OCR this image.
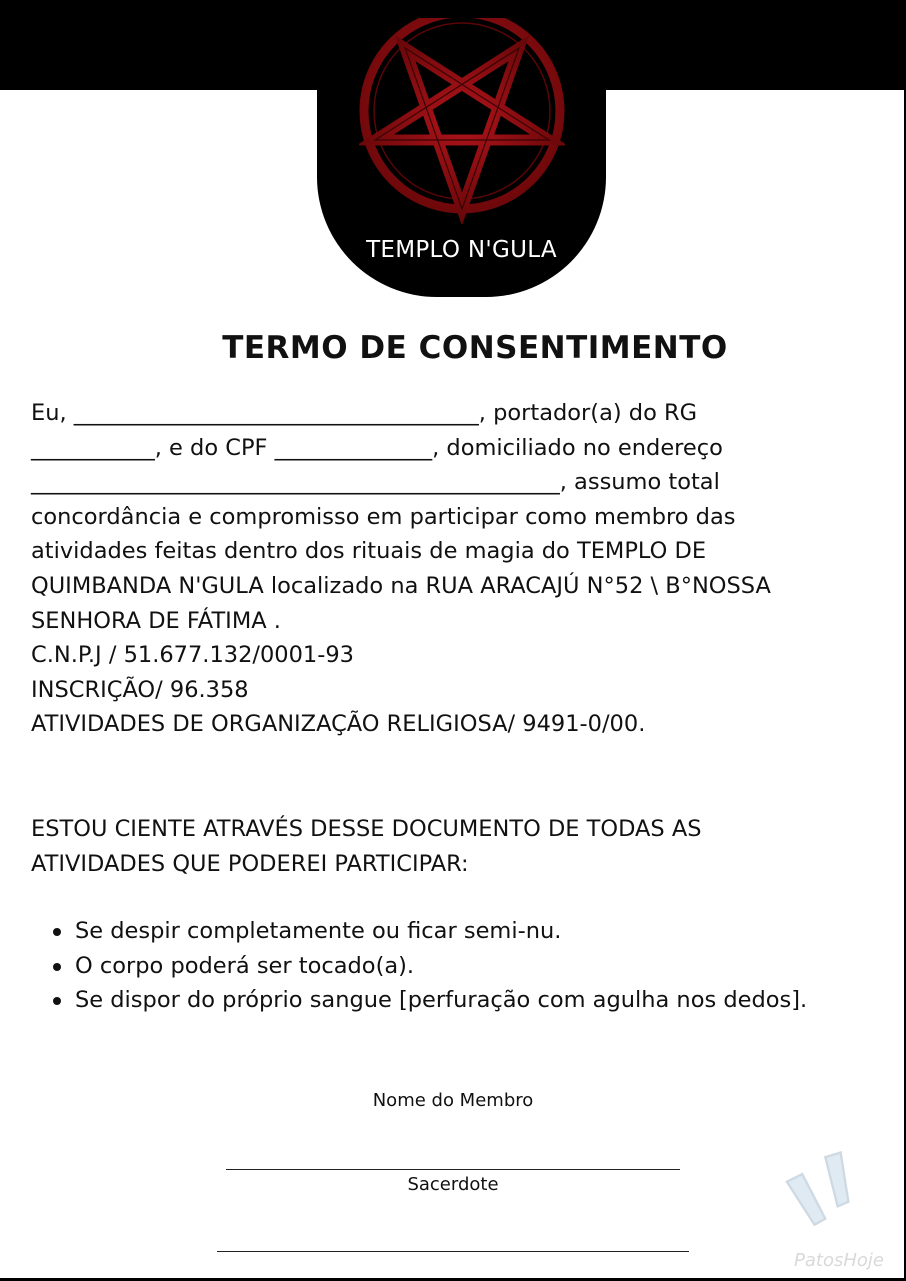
TEMPLO N'GULA
TERMO DE CONSENTIMENTO
Eu, ____________________________________, portador(a) do RG
___________, e do CPF ______________, domiciliado no endereço
_______________________________________________, assumo total
concordância e compromisso em participar como membro das
atividades feitas dentro dos rituais de magia do TEMPLO DE
QUIMBANDA N'GULA localizado na RUA ARACAJÚ N°52 \ B°NOSSA
SENHORA DE FÁTIMA .
C.N.P.J / 51.677.132/0001-93
INSCRIÇÃO/ 96.358
ATIVIDADES DE ORGANIZAÇÃO RELIGIOSA/ 9491-0/00.
ESTOU CIENTE ATRAVÉS DESSE DOCUMENTO DE TODAS AS
ATIVIDADES QUE PODEREI PARTICIPAR:
Se despir completamente ou ficar semi-nu.
O corpo poderá ser tocado(a).
Se dispor do próprio sangue [perfuração com agulha nos dedos].
Nome do Membro
Sacerdote
PatosHoje
